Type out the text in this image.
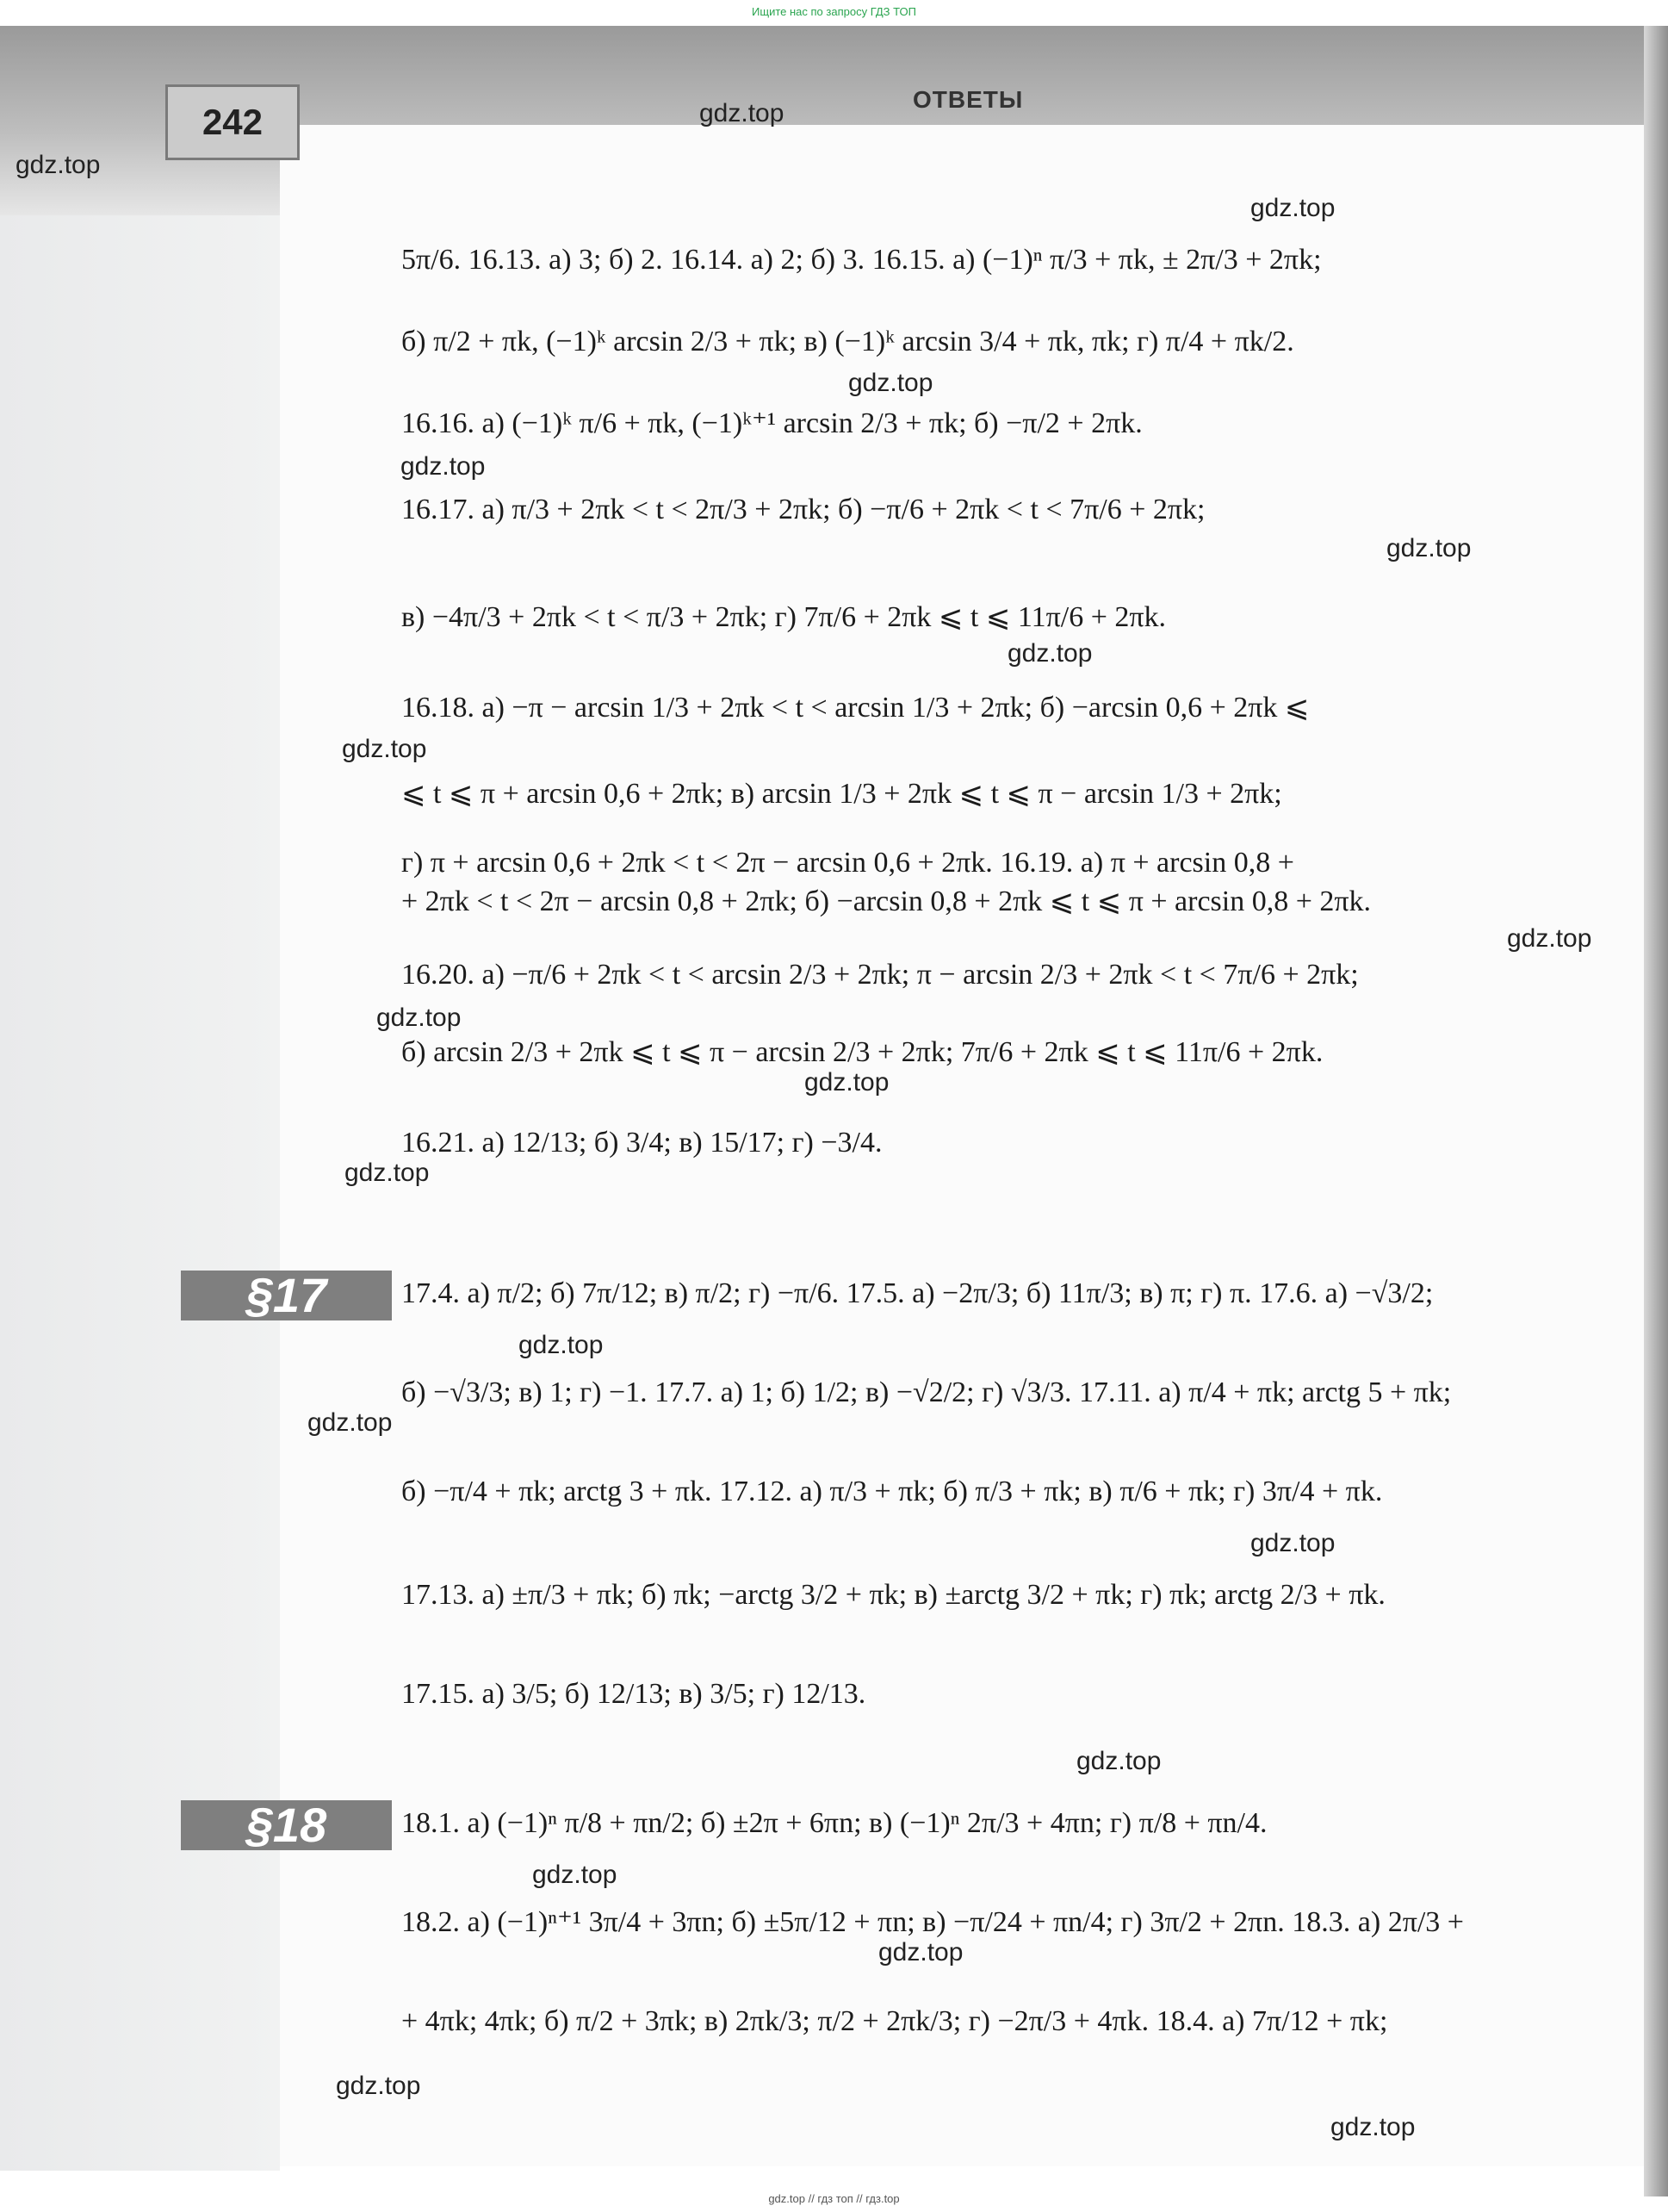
Ищите нас по запросу ГДЗ ТОП
242
ОТВЕТЫ
gdz.top
gdz.top
gdz.top
gdz.top
gdz.top
gdz.top
gdz.top
gdz.top
gdz.top
gdz.top
gdz.top
gdz.top
gdz.top
gdz.top
gdz.top
gdz.top
gdz.top
gdz.top
gdz.top
gdz.top
§17
§18
5π/6. 16.13. а) 3; б) 2. 16.14. а) 2; б) 3. 16.15. а) (−1)ⁿ π/3 + πk, ± 2π/3 + 2πk;
б) π/2 + πk, (−1)ᵏ arcsin 2/3 + πk; в) (−1)ᵏ arcsin 3/4 + πk, πk; г) π/4 + πk/2.
16.16. а) (−1)ᵏ π/6 + πk, (−1)ᵏ⁺¹ arcsin 2/3 + πk; б) −π/2 + 2πk.
16.17. а) π/3 + 2πk < t < 2π/3 + 2πk; б) −π/6 + 2πk < t < 7π/6 + 2πk;
в) −4π/3 + 2πk < t < π/3 + 2πk; г) 7π/6 + 2πk ⩽ t ⩽ 11π/6 + 2πk.
16.18. а) −π − arcsin 1/3 + 2πk < t < arcsin 1/3 + 2πk; б) −arcsin 0,6 + 2πk ⩽
⩽ t ⩽ π + arcsin 0,6 + 2πk; в) arcsin 1/3 + 2πk ⩽ t ⩽ π − arcsin 1/3 + 2πk;
г) π + arcsin 0,6 + 2πk < t < 2π − arcsin 0,6 + 2πk. 16.19. а) π + arcsin 0,8 +
+ 2πk < t < 2π − arcsin 0,8 + 2πk; б) −arcsin 0,8 + 2πk ⩽ t ⩽ π + arcsin 0,8 + 2πk.
16.20. а) −π/6 + 2πk < t < arcsin 2/3 + 2πk; π − arcsin 2/3 + 2πk < t < 7π/6 + 2πk;
б) arcsin 2/3 + 2πk ⩽ t ⩽ π − arcsin 2/3 + 2πk; 7π/6 + 2πk ⩽ t ⩽ 11π/6 + 2πk.
16.21. а) 12/13; б) 3/4; в) 15/17; г) −3/4.
17.4. а) π/2; б) 7π/12; в) π/2; г) −π/6. 17.5. а) −2π/3; б) 11π/3; в) π; г) π. 17.6. а) −√3/2;
б) −√3/3; в) 1; г) −1. 17.7. а) 1; б) 1/2; в) −√2/2; г) √3/3. 17.11. а) π/4 + πk; arctg 5 + πk;
б) −π/4 + πk; arctg 3 + πk. 17.12. а) π/3 + πk; б) π/3 + πk; в) π/6 + πk; г) 3π/4 + πk.
17.13. а) ±π/3 + πk; б) πk; −arctg 3/2 + πk; в) ±arctg 3/2 + πk; г) πk; arctg 2/3 + πk.
17.15. а) 3/5; б) 12/13; в) 3/5; г) 12/13.
18.1. а) (−1)ⁿ π/8 + πn/2; б) ±2π + 6πn; в) (−1)ⁿ 2π/3 + 4πn; г) π/8 + πn/4.
18.2. а) (−1)ⁿ⁺¹ 3π/4 + 3πn; б) ±5π/12 + πn; в) −π/24 + πn/4; г) 3π/2 + 2πn. 18.3. а) 2π/3 +
+ 4πk; 4πk; б) π/2 + 3πk; в) 2πk/3; π/2 + 2πk/3; г) −2π/3 + 4πk. 18.4. а) 7π/12 + πk;
gdz.top // гдз топ // гдз.top
